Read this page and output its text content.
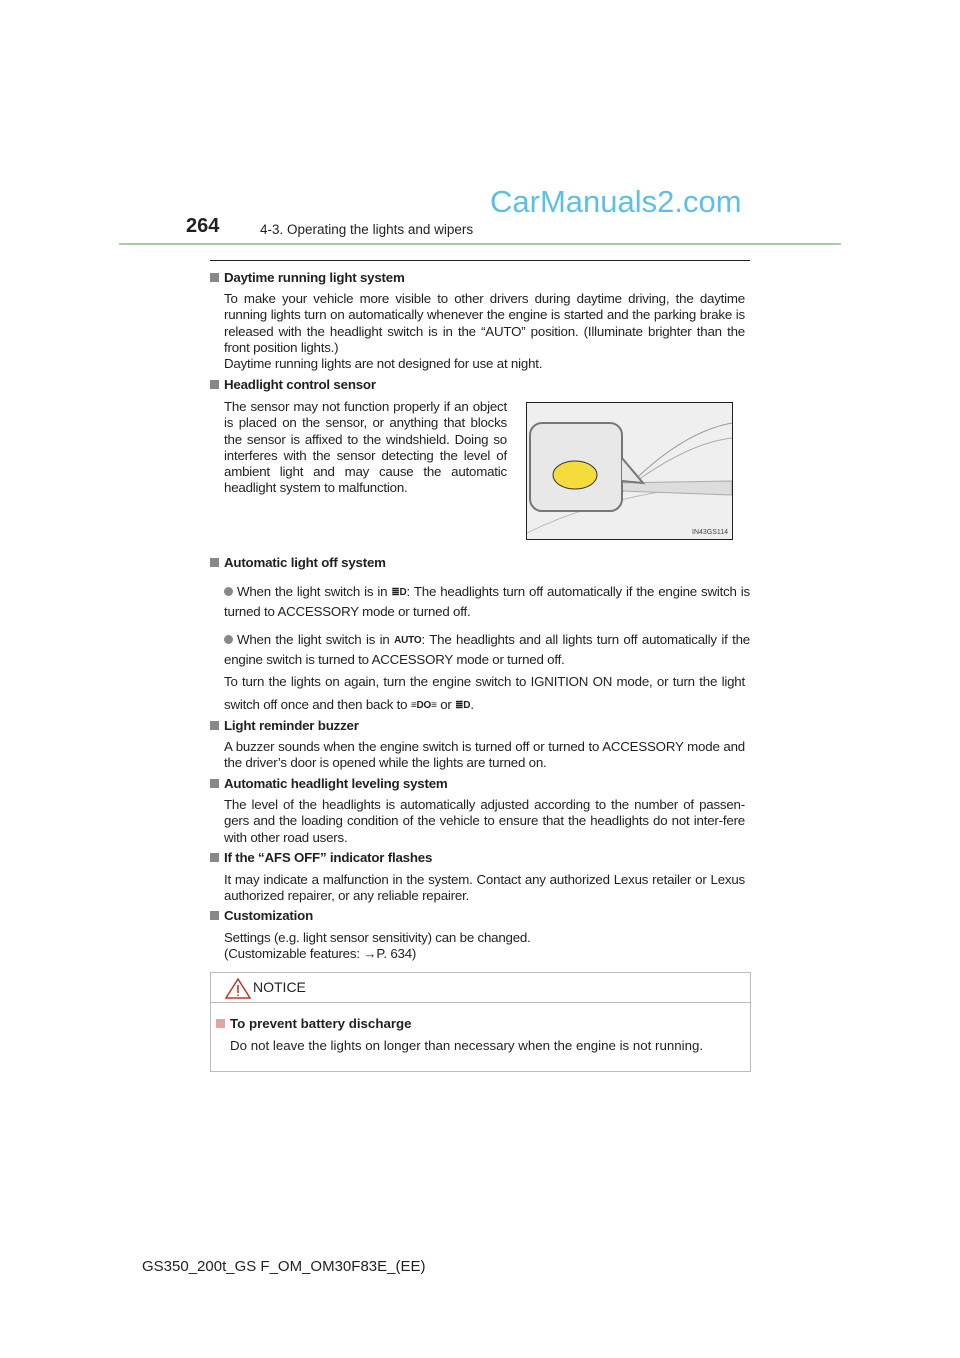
CarManuals2.com
264	4-3. Operating the lights and wipers
Daytime running light system
To make your vehicle more visible to other drivers during daytime driving, the daytime running lights turn on automatically whenever the engine is started and the parking brake is released with the headlight switch is in the “AUTO” position. (Illuminate brighter than the front position lights.)
Daytime running lights are not designed for use at night.
Headlight control sensor
The sensor may not function properly if an object is placed on the sensor, or anything that blocks the sensor is affixed to the windshield. Doing so interferes with the sensor detecting the level of ambient light and may cause the automatic headlight system to malfunction.
IN43GS114
Automatic light off system
When the light switch is in ≣D: The headlights turn off automatically if the engine switch is turned to ACCESSORY mode or turned off.
When the light switch is in AUTO: The headlights and all lights turn off automatically if the engine switch is turned to ACCESSORY mode or turned off.
To turn the lights on again, turn the engine switch to IGNITION ON mode, or turn the light switch off once and then back to ≡DO≡ or ≣D.
Light reminder buzzer
A buzzer sounds when the engine switch is turned off or turned to ACCESSORY mode and the driver’s door is opened while the lights are turned on.
Automatic headlight leveling system
The level of the headlights is automatically adjusted according to the number of passen-gers and the loading condition of the vehicle to ensure that the headlights do not inter-fere with other road users.
If the “AFS OFF” indicator flashes
It may indicate a malfunction in the system. Contact any authorized Lexus retailer or Lexus authorized repairer, or any reliable repairer.
Customization
Settings (e.g. light sensor sensitivity) can be changed.
(Customizable features: →P. 634)
NOTICE
To prevent battery discharge
Do not leave the lights on longer than necessary when the engine is not running.
GS350_200t_GS F_OM_OM30F83E_(EE)
